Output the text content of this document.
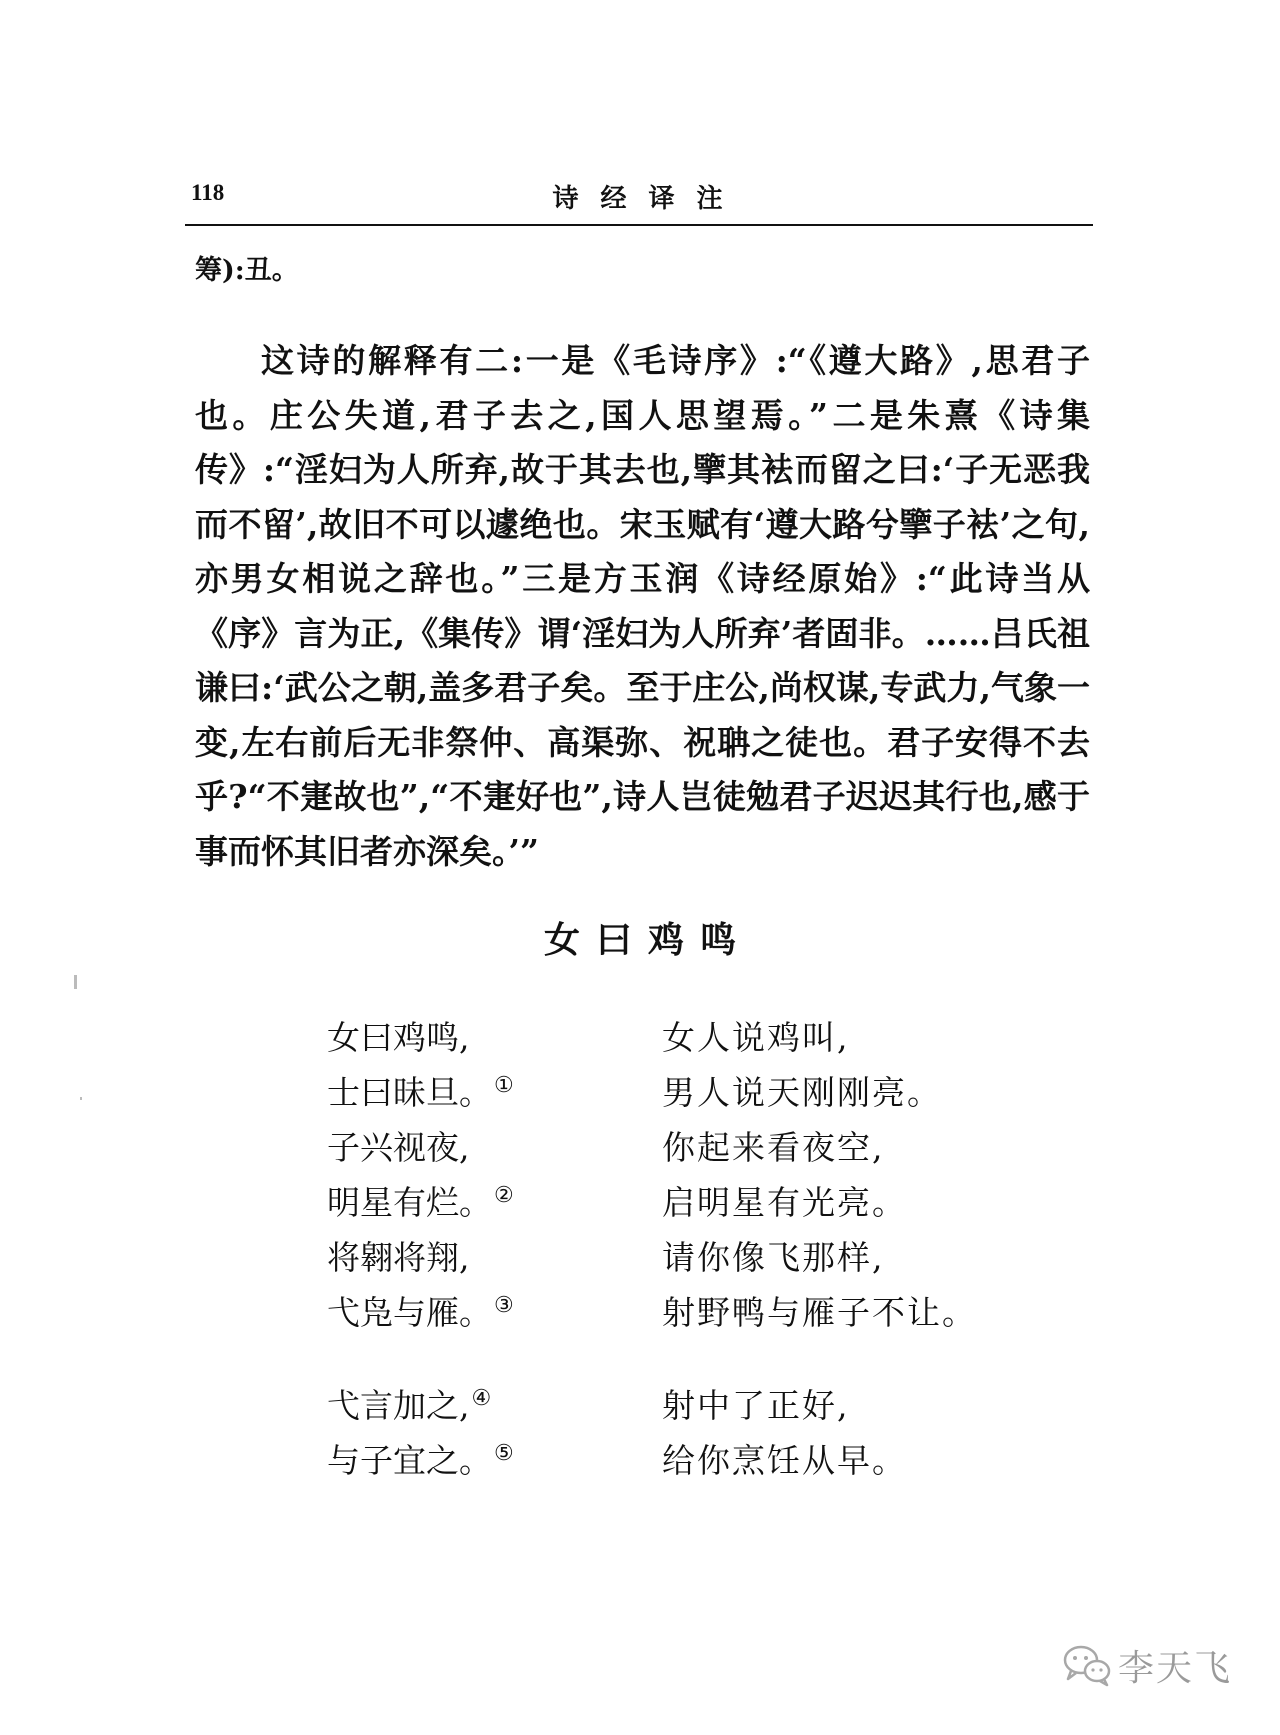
118	诗经译注
筹):丑。

这诗的解释有二:一是《毛诗序》:“《遵大路》,思君子也。庄公失道,君子去之,国人思望焉。”二是朱熹《诗集传》:“淫妇为人所弃,故于其去也,擥其袪而留之曰:‘子无恶我而不留’,故旧不可以遽绝也。宋玉赋有‘遵大路兮擥子袪’之句,亦男女相说之辞也。”三是方玉润《诗经原始》:“此诗当从《序》言为正,《集传》谓‘淫妇为人所弃’者固非。……吕氏祖谦曰:‘武公之朝,盖多君子矣。至于庄公,尚权谋,专武力,气象一变,左右前后无非祭仲、高渠弥、祝聃之徒也。君子安得不去乎?“不寁故也”,“不寁好也”,诗人岂徒勉君子迟迟其行也,感于事而怀其旧者亦深矣。’”

女曰鸡鸣
女曰鸡鸣,	女人说鸡叫,
士曰昧旦。①	男人说天刚刚亮。
子兴视夜,	你起来看夜空,
明星有烂。②	启明星有光亮。
将翱将翔,	请你像飞那样,
弋凫与雁。③	射野鸭与雁子不让。
弋言加之,④	射中了正好,
与子宜之。⑤	给你烹饪从早。
李天飞
